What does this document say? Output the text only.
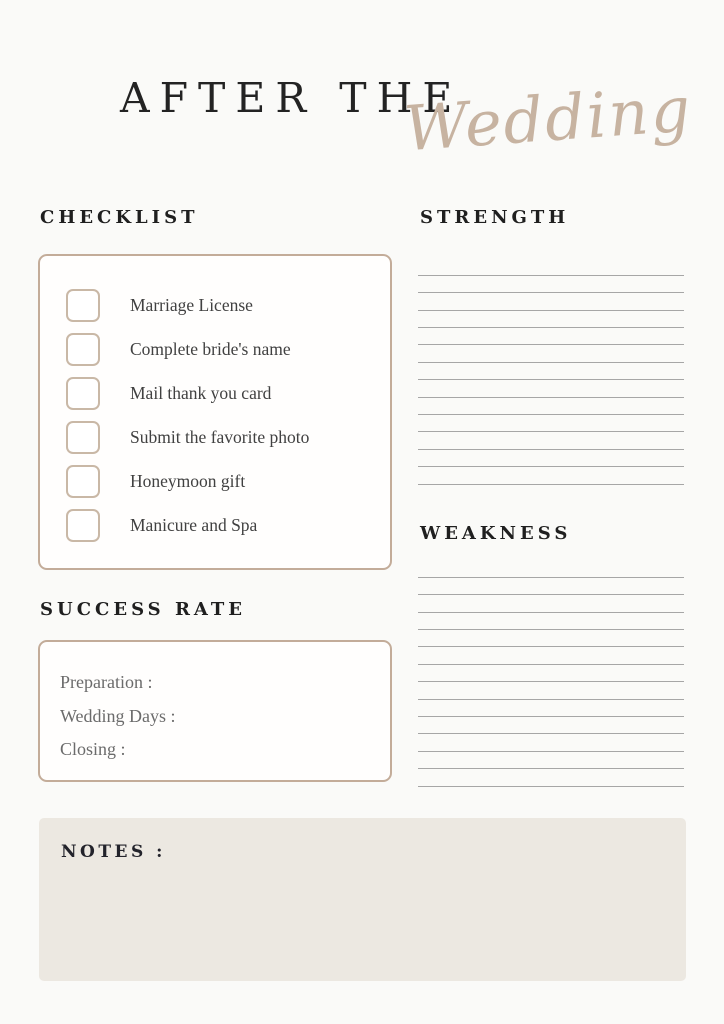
AFTER THE
Wedding
CHECKLIST
Marriage License
Complete bride's name
Mail thank you card
Submit the favorite photo
Honeymoon gift
Manicure and Spa
STRENGTH
WEAKNESS
SUCCESS RATE
Preparation :
Wedding Days :
Closing :
NOTES :
